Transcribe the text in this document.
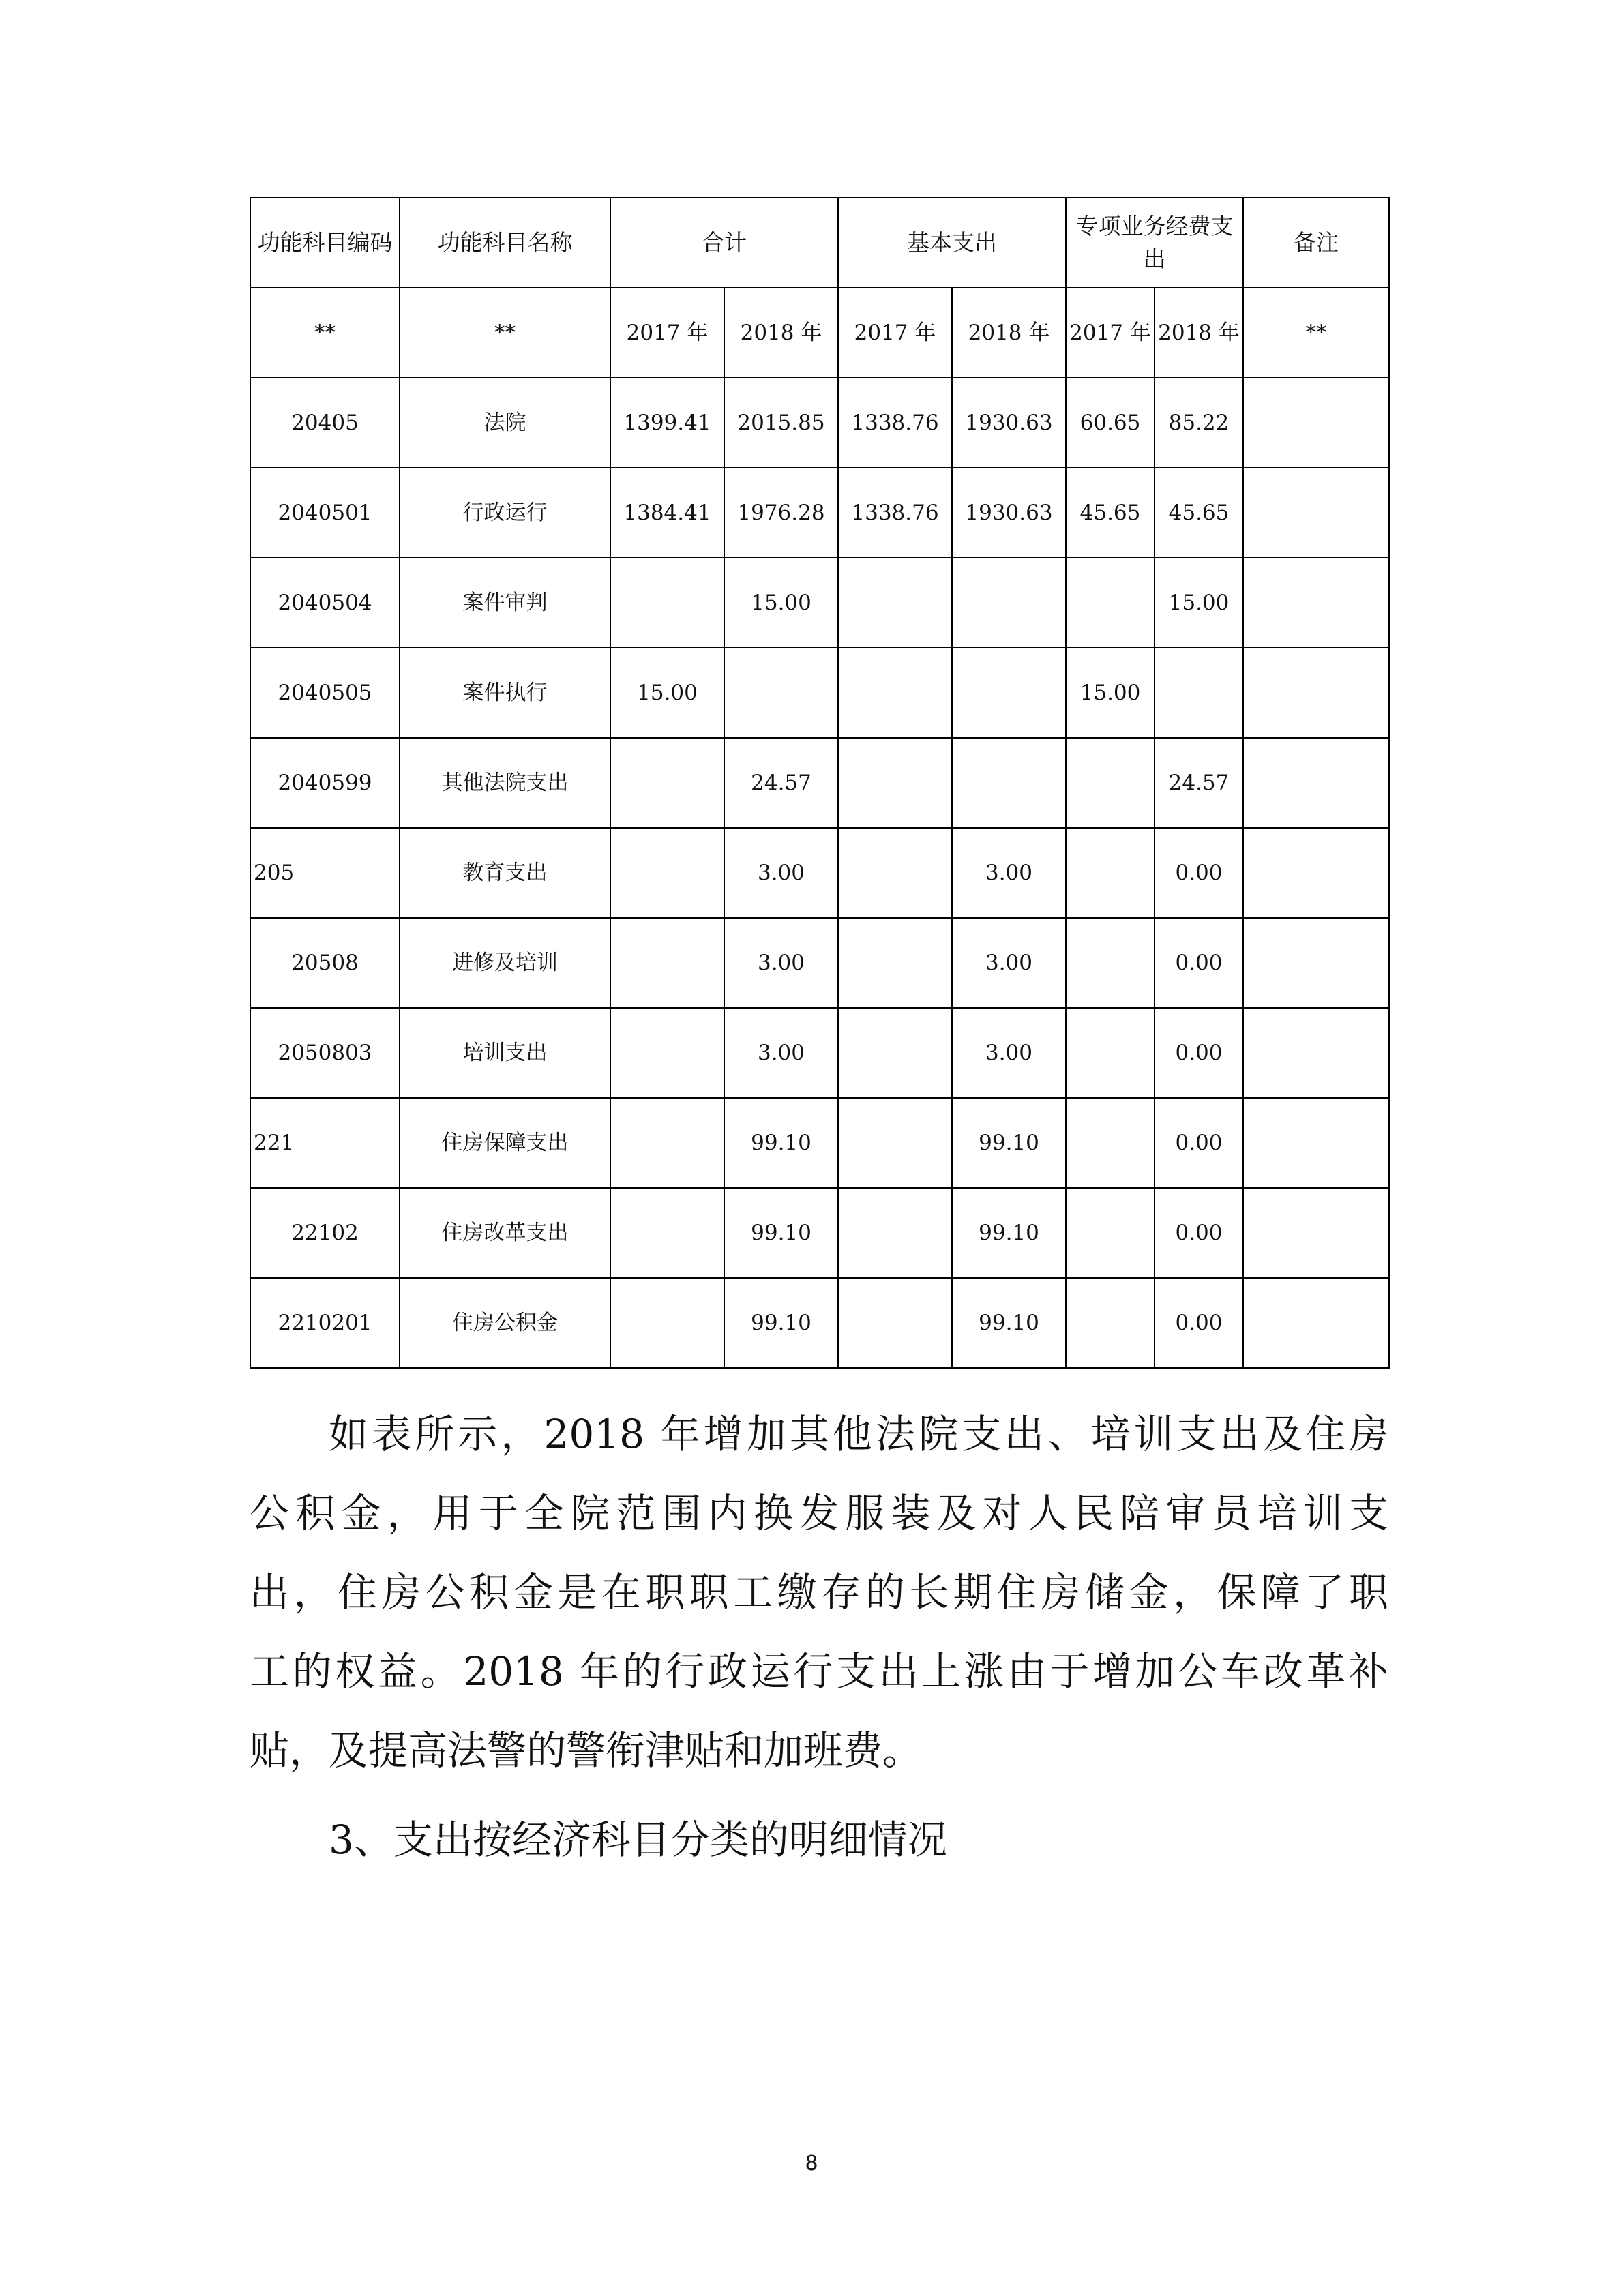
功能科目编码	功能科目名称	合计		基本支出		专项业务经费支出		备注
**	**	2017 年	2018 年	2017 年	2018 年	2017 年	2018 年	**
20405	法院	1399.41	2015.85	1338.76	1930.63	60.65	85.22	
2040501	行政运行	1384.41	1976.28	1338.76	1930.63	45.65	45.65	
2040504	案件审判		15.00				15.00	
2040505	案件执行	15.00				15.00		
2040599	其他法院支出		24.57				24.57	
205	教育支出		3.00		3.00		0.00	
20508	进修及培训		3.00		3.00		0.00	
2050803	培训支出		3.00		3.00		0.00	
221	住房保障支出		99.10		99.10		0.00	
22102	住房改革支出		99.10		99.10		0.00	
2210201	住房公积金		99.10		99.10		0.00	
如表所示，2018 年增加其他法院支出、培训支出及住房
公积金，用于全院范围内换发服装及对人民陪审员培训支
出，住房公积金是在职职工缴存的长期住房储金，保障了职
工的权益。2018 年的行政运行支出上涨由于增加公车改革补
贴，及提高法警的警衔津贴和加班费。
3、支出按经济科目分类的明细情况
8
